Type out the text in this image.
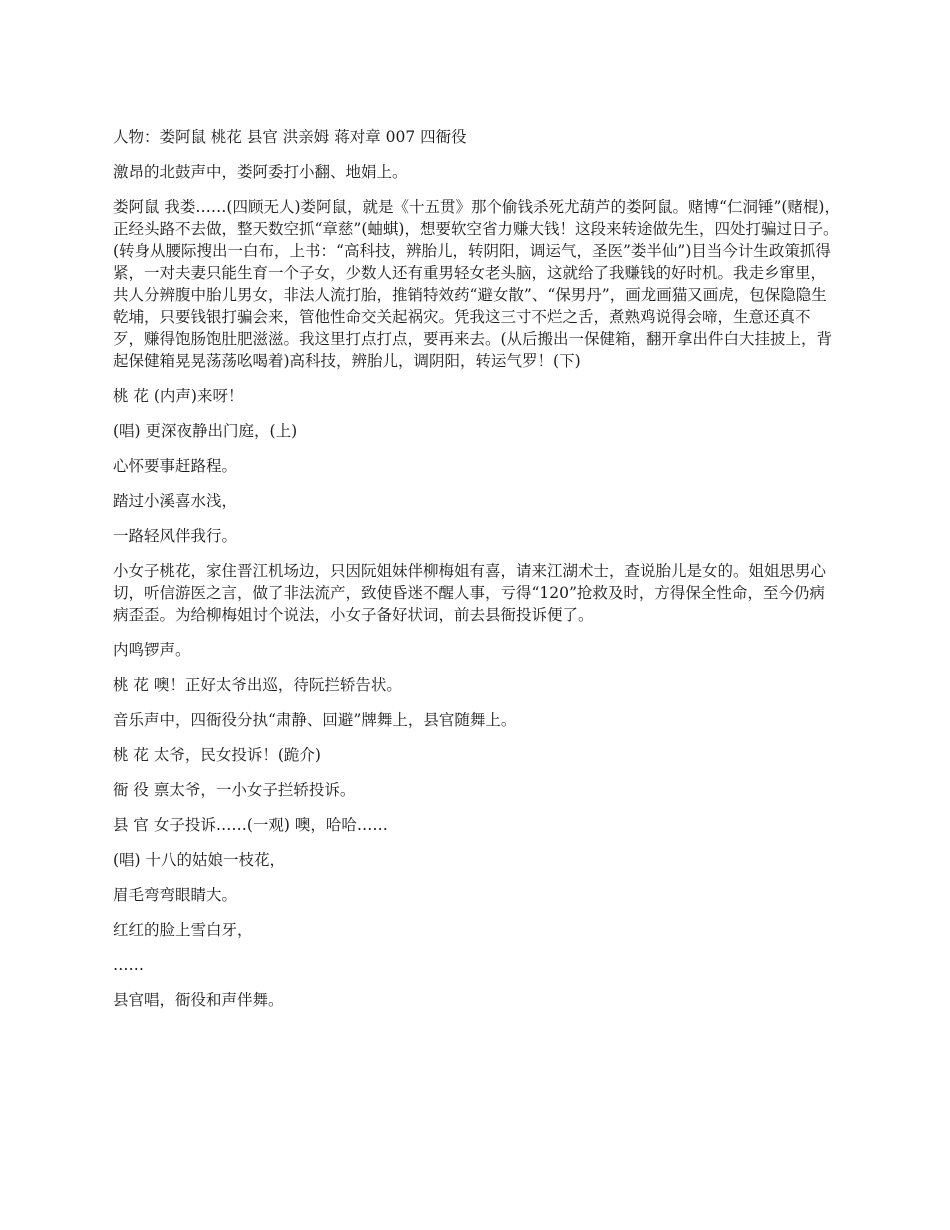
人物：娄阿鼠 桃花 县官 洪亲姆 蒋对章 007 四衙役

激昂的北鼓声中，娄阿委打小翻、地娟上。

娄阿鼠 我娄……(四顾无人)娄阿鼠，就是《十五贯》那个偷钱杀死尤葫芦的娄阿鼠。赌博“仁洞锤”(赌棍)，正经头路不去做，整天数空抓“章慈”(蚰蜞)，想要软空省力赚大钱！这段来转途做先生，四处打骗过日子。(转身从腰际搜出一白布，上书：“高科技，辨胎儿，转阴阳，调运气，圣医”娄半仙”)目当今计生政策抓得紧，一对夫妻只能生育一个子女，少数人还有重男轻女老头脑，这就给了我赚钱的好时机。我走乡窜里，共人分辨腹中胎儿男女，非法人流打胎，推销特效药“避女散”、“保男丹”，画龙画猫又画虎，包保隐隐生乾埔，只要钱银打骗会来，管他性命交关起祸灾。凭我这三寸不烂之舌，煮熟鸡说得会啼，生意还真不歹，赚得饱肠饱肚肥滋滋。我这里打点打点，要再来去。(从后搬出一保健箱，翻开拿出件白大挂披上，背起保健箱晃晃荡荡吆喝着)高科技，辨胎儿，调阴阳，转运气罗！(下)

桃 花 (内声)来呀！

(唱) 更深夜静出门庭，(上)

心怀要事赶路程。

踏过小溪喜水浅，

一路轻风伴我行。

小女子桃花，家住晋江机场边，只因阮姐妹伴柳梅姐有喜，请来江湖术士，查说胎儿是女的。姐姐思男心切，听信游医之言，做了非法流产，致使昏迷不醒人事，亏得“120”抢救及时，方得保全性命，至今仍病病歪歪。为给柳梅姐讨个说法，小女子备好状词，前去县衙投诉便了。

内鸣锣声。

桃 花 噢！正好太爷出巡，待阮拦轿告状。

音乐声中，四衙役分执“肃静、回避”牌舞上，县官随舞上。

桃 花 太爷，民女投诉！(跪介)

衙 役 禀太爷，一小女子拦轿投诉。

县 官 女子投诉……(一观) 噢，哈哈……

(唱) 十八的姑娘一枝花，

眉毛弯弯眼睛大。

红红的脸上雪白牙，

……

县官唱，衙役和声伴舞。
